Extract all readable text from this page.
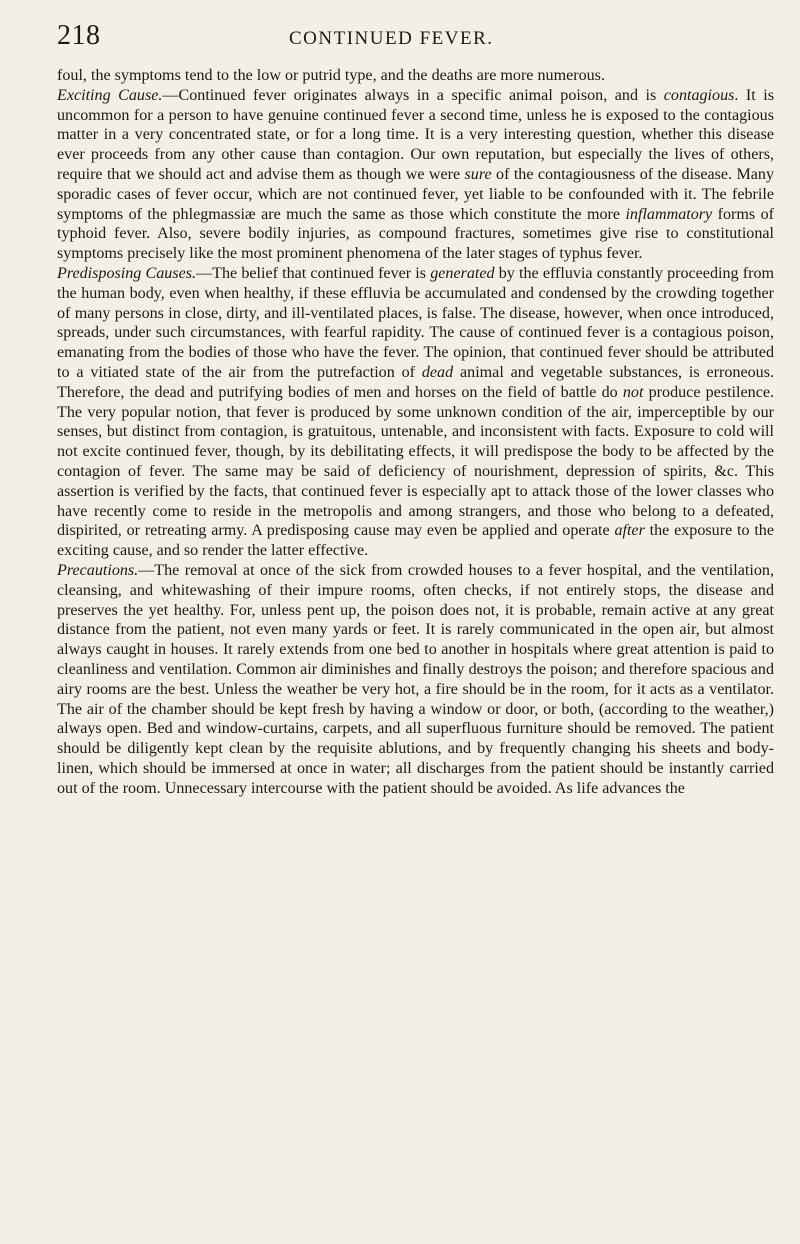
218	CONTINUED FEVER.

foul, the symptoms tend to the low or putrid type, and the deaths are more numerous.

Exciting Cause.—Continued fever originates always in a specific animal poison, and is contagious. It is uncommon for a person to have genuine continued fever a second time, unless he is exposed to the contagious matter in a very concentrated state, or for a long time. It is a very interesting question, whether this disease ever proceeds from any other cause than contagion. Our own reputation, but especially the lives of others, require that we should act and advise them as though we were sure of the contagiousness of the disease. Many sporadic cases of fever occur, which are not continued fever, yet liable to be confounded with it. The febrile symptoms of the phlegmassiæ are much the same as those which constitute the more inflammatory forms of typhoid fever. Also, severe bodily injuries, as compound fractures, sometimes give rise to constitutional symptoms precisely like the most prominent phenomena of the later stages of typhus fever.

Predisposing Causes.—The belief that continued fever is generated by the effluvia constantly proceeding from the human body, even when healthy, if these effluvia be accumulated and condensed by the crowding together of many persons in close, dirty, and ill-ventilated places, is false. The disease, however, when once introduced, spreads, under such circumstances, with fearful rapidity. The cause of continued fever is a contagious poison, emanating from the bodies of those who have the fever. The opinion, that continued fever should be attributed to a vitiated state of the air from the putrefaction of dead animal and vegetable substances, is erroneous. Therefore, the dead and putrifying bodies of men and horses on the field of battle do not produce pestilence. The very popular notion, that fever is produced by some unknown condition of the air, imperceptible by our senses, but distinct from contagion, is gratuitous, untenable, and inconsistent with facts. Exposure to cold will not excite continued fever, though, by its debilitating effects, it will predispose the body to be affected by the contagion of fever. The same may be said of deficiency of nourishment, depression of spirits, &c. This assertion is verified by the facts, that continued fever is especially apt to attack those of the lower classes who have recently come to reside in the metropolis and among strangers, and those who belong to a defeated, dispirited, or retreating army. A predisposing cause may even be applied and operate after the exposure to the exciting cause, and so render the latter effective.

Precautions.—The removal at once of the sick from crowded houses to a fever hospital, and the ventilation, cleansing, and whitewashing of their impure rooms, often checks, if not entirely stops, the disease and preserves the yet healthy. For, unless pent up, the poison does not, it is probable, remain active at any great distance from the patient, not even many yards or feet. It is rarely communicated in the open air, but almost always caught in houses. It rarely extends from one bed to another in hospitals where great attention is paid to cleanliness and ventilation. Common air diminishes and finally destroys the poison; and therefore spacious and airy rooms are the best. Unless the weather be very hot, a fire should be in the room, for it acts as a ventilator. The air of the chamber should be kept fresh by having a window or door, or both, (according to the weather,) always open. Bed and window-curtains, carpets, and all superfluous furniture should be removed. The patient should be diligently kept clean by the requisite ablutions, and by frequently changing his sheets and body-linen, which should be immersed at once in water; all discharges from the patient should be instantly carried out of the room. Unnecessary intercourse with the patient should be avoided. As life advances the
